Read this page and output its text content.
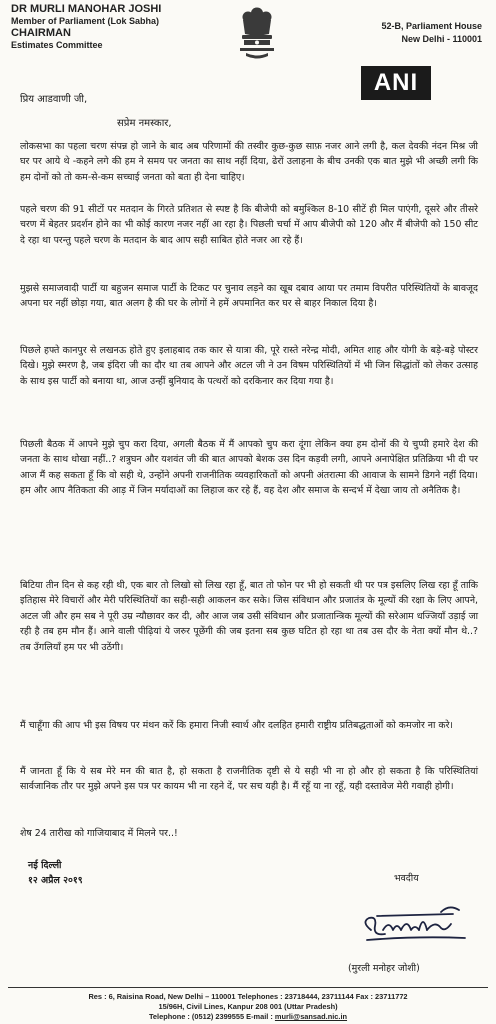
DR MURLI MANOHAR JOSHI
Member of Parliament (Lok Sabha)
CHAIRMAN
Estimates Committee
52-B, Parliament House
New Delhi - 110001
ANI
प्रिय आडवाणी जी,
सप्रेम नमस्कार,

लोकसभा का पहला चरण संपन्न हो जाने के बाद अब परिणामों की तस्वीर कुछ-कुछ साफ़ नजर आने लगी है, कल देवकी नंदन मिश्र जी घर पर आये थे -कहने लगे की हम ने समय पर जनता का साथ नहीं दिया, ढेरों उलाहना के बीच उनकी एक बात मुझे भी अच्छी लगी कि हम दोनों को तो कम-से-कम सच्चाई जनता को बता ही देना चाहिए।

पहले चरण की 91 सीटों पर मतदान के गिरते प्रतिशत से स्पष्ट है कि बीजेपी को बमुश्किल 8-10 सीटें ही मिल पाएंगी, दूसरे और तीसरे चरण में बेहतर प्रदर्शन होने का भी कोई कारण नजर नहीं आ रहा है। पिछली चर्चा में आप बीजेपी को 120 और मैं बीजेपी को 150 सीट दे रहा था परन्तु पहले चरण के मतदान के बाद आप सही साबित होते नजर आ रहे हैं।

मुझसे समाजवादी पार्टी या बहुजन समाज पार्टी के टिकट पर चुनाव लड़ने का खूब दबाव आया पर तमाम विपरीत परिस्थितियों के बावजूद अपना घर नहीं छोड़ा गया, बात अलग है की घर के लोगों ने हमें अपमानित कर घर से बाहर निकाल दिया है।

पिछले हफ्ते कानपुर से लखनऊ होते हुए इलाहबाद तक कार से यात्रा की, पूरे रास्ते नरेन्द्र मोदी, अमित शाह और योगी के बड़े-बड़े पोस्टर दिखे। मुझे स्मरण है, जब इंदिरा जी का दौर था तब आपने और अटल जी ने उन विषम परिस्थितियों में भी जिन सिद्धांतों को लेकर उत्साह के साथ इस पार्टी को बनाया था, आज उन्हीं बुनियाद के पत्थरों को दरकिनार कर दिया गया है।

पिछली बैठक में आपने मुझे चुप करा दिया, अगली बैठक में मैं आपको चुप करा दूंगा लेकिन क्या हम दोनों की ये चुप्पी हमारे देश की जनता के साथ धोखा नहीं..? शत्रुघन और यशवंत जी की बात आपको बेशक उस दिन कड़वी लगी, आपने अनापेक्षित प्रतिक्रिया भी दी पर आज मैं कह सकता हूँ कि वो सही थे, उन्होंने अपनी राजनीतिक व्यवहारिकतों को अपनी अंतरात्मा की आवाज के सामने डिगने नहीं दिया। हम और आप नैतिकता की आड़ में जिन मर्यादाओं का लिहाज कर रहे हैं, वह देश और समाज के सन्दर्भ में देखा जाय तो अनैतिक है।

बिटिया तीन दिन से कह रही थी, एक बार तो लिखो सो लिख रहा हूँ, बात तो फोन पर भी हो सकती थी पर पत्र इसलिए लिख रहा हूँ ताकि इतिहास मेरे विचारों और मेरी परिस्थितियों का सही-सही आकलन कर सके। जिस संविधान और प्रजातंत्र के मूल्यों की रक्षा के लिए आपने, अटल जी और हम सब ने पूरी उम्र न्यौछावर कर दी, और आज जब उसी संविधान और प्रजातान्त्रिक मूल्यों की सरेआम धज्जियाँ उड़ाई जा रही है तब हम मौन हैं। आने वाली पीढ़ियां ये जरुर पूछेंगी की जब इतना सब कुछ घटित हो रहा था तब उस दौर के नेता क्यों मौन थे..? तब उँगलियाँ हम पर भी उठेंगी।

मैं चाहूँगा की आप भी इस विषय पर मंथन करें कि हमारा निजी स्वार्थ और दलहित हमारी राष्ट्रीय प्रतिबद्धताओं को कमजोर ना करे।

मैं जानता हूँ कि ये सब मेरे मन की बात है, हो सकता है राजनीतिक दृष्टी से ये सही भी ना हो और हो सकता है कि परिस्थितियां सार्वजानिक तौर पर मुझे अपने इस पत्र पर कायम भी ना रहने दें, पर सच यही है। मैं रहूँ या ना रहूँ, यही दस्तावेज मेरी गवाही होगी।

शेष 24 तारीख को गाजियाबाद में मिलने पर..!

नई दिल्ली
१२ अप्रैल २०१९	भवदीय
(मुरली मनोहर जोशी)
Res : 6, Raisina Road, New Delhi – 110001 Telephones : 23718444, 23711144 Fax : 23711772
15/96H, Civil Lines, Kanpur 208 001 (Uttar Pradesh)
Telephone : (0512) 2399555 E-mail : murli@sansad.nic.in
